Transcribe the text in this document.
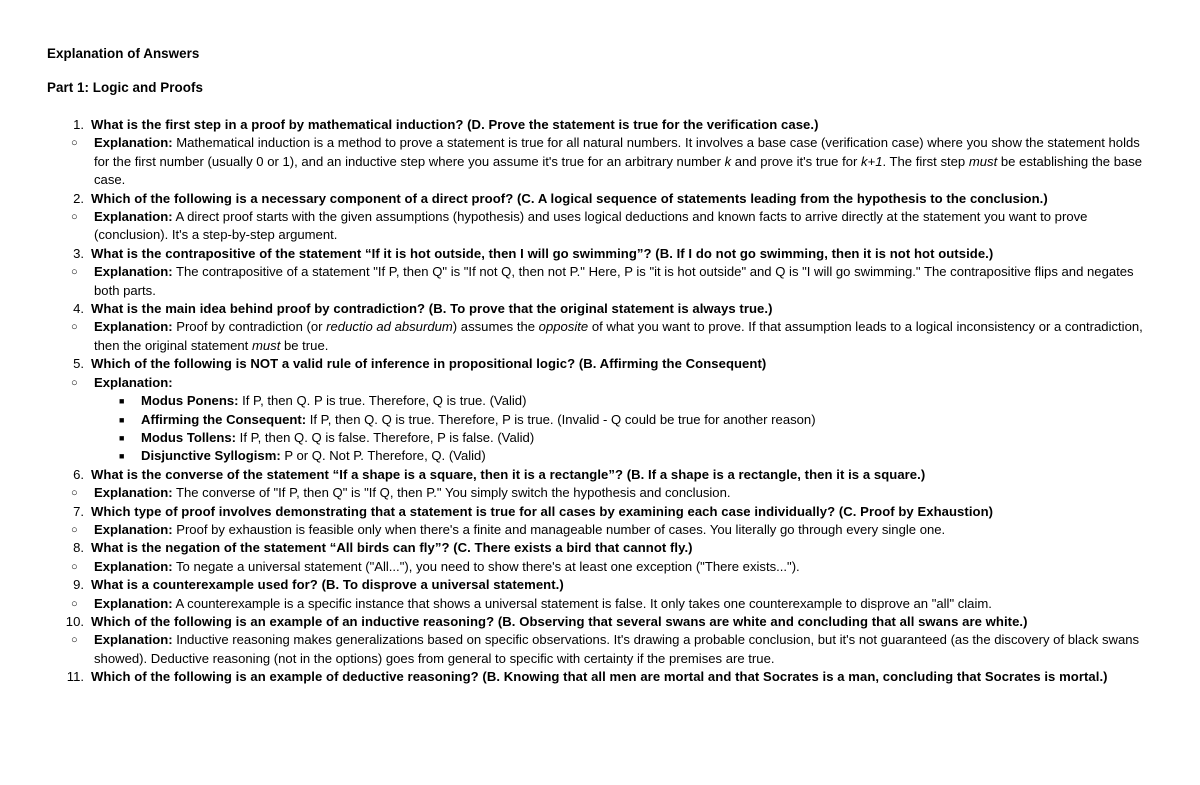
Explanation of Answers
Part 1: Logic and Proofs
1. What is the first step in a proof by mathematical induction? (D. Prove the statement is true for the verification case.)
○ Explanation: Mathematical induction is a method to prove a statement is true for all natural numbers. It involves a base case (verification case) where you show the statement holds for the first number (usually 0 or 1), and an inductive step where you assume it's true for an arbitrary number k and prove it's true for k+1. The first step must be establishing the base case.
2. Which of the following is a necessary component of a direct proof? (C. A logical sequence of statements leading from the hypothesis to the conclusion.)
○ Explanation: A direct proof starts with the given assumptions (hypothesis) and uses logical deductions and known facts to arrive directly at the statement you want to prove (conclusion). It's a step-by-step argument.
3. What is the contrapositive of the statement “If it is hot outside, then I will go swimming”? (B. If I do not go swimming, then it is not hot outside.)
○ Explanation: The contrapositive of a statement "If P, then Q" is "If not Q, then not P." Here, P is "it is hot outside" and Q is "I will go swimming." The contrapositive flips and negates both parts.
4. What is the main idea behind proof by contradiction? (B. To prove that the original statement is always true.)
○ Explanation: Proof by contradiction (or reductio ad absurdum) assumes the opposite of what you want to prove. If that assumption leads to a logical inconsistency or a contradiction, then the original statement must be true.
5. Which of the following is NOT a valid rule of inference in propositional logic? (B. Affirming the Consequent)
○ Explanation:
■ Modus Ponens: If P, then Q. P is true. Therefore, Q is true. (Valid)
■ Affirming the Consequent: If P, then Q. Q is true. Therefore, P is true. (Invalid - Q could be true for another reason)
■ Modus Tollens: If P, then Q. Q is false. Therefore, P is false. (Valid)
■ Disjunctive Syllogism: P or Q. Not P. Therefore, Q. (Valid)
6. What is the converse of the statement “If a shape is a square, then it is a rectangle”? (B. If a shape is a rectangle, then it is a square.)
○ Explanation: The converse of "If P, then Q" is "If Q, then P." You simply switch the hypothesis and conclusion.
7. Which type of proof involves demonstrating that a statement is true for all cases by examining each case individually? (C. Proof by Exhaustion)
○ Explanation: Proof by exhaustion is feasible only when there's a finite and manageable number of cases. You literally go through every single one.
8. What is the negation of the statement “All birds can fly”? (C. There exists a bird that cannot fly.)
○ Explanation: To negate a universal statement ("All..."), you need to show there's at least one exception ("There exists...").
9. What is a counterexample used for? (B. To disprove a universal statement.)
○ Explanation: A counterexample is a specific instance that shows a universal statement is false. It only takes one counterexample to disprove an "all" claim.
10. Which of the following is an example of an inductive reasoning? (B. Observing that several swans are white and concluding that all swans are white.)
○ Explanation: Inductive reasoning makes generalizations based on specific observations. It's drawing a probable conclusion, but it's not guaranteed (as the discovery of black swans showed). Deductive reasoning (not in the options) goes from general to specific with certainty if the premises are true.
11. Which of the following is an example of deductive reasoning? (B. Knowing that all men are mortal and that Socrates is a man, concluding that Socrates is mortal.)
